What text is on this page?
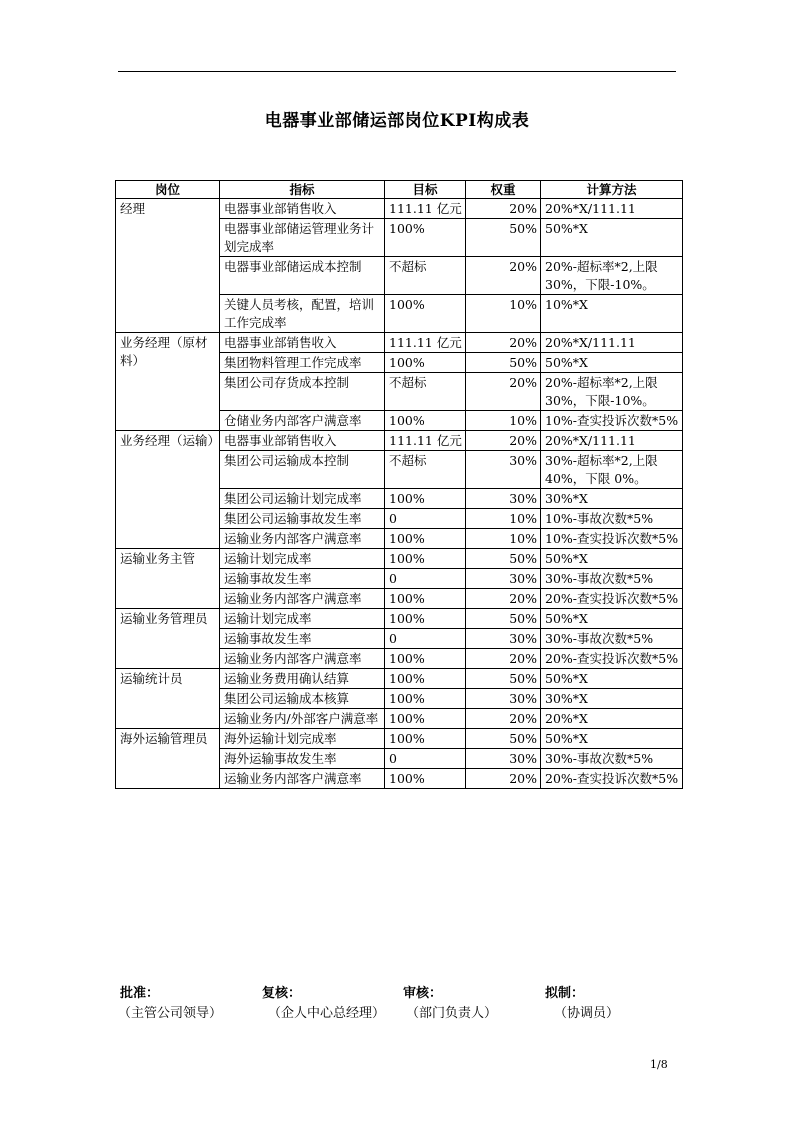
电器事业部储运部岗位KPI构成表
岗位	指标	目标	权重	计算方法
经理	电器事业部销售收入	111.11 亿元	20%	20%*X/111.11
	电器事业部储运管理业务计划完成率	100%	50%	50%*X
	电器事业部储运成本控制	不超标	20%	20%-超标率*2,上限30%，下限-10%。
	关键人员考核，配置，培训工作完成率	100%	10%	10%*X
业务经理（原材料）	电器事业部销售收入	111.11 亿元	20%	20%*X/111.11
	集团物料管理工作完成率	100%	50%	50%*X
	集团公司存货成本控制	不超标	20%	20%-超标率*2,上限30%，下限-10%。
	仓储业务内部客户满意率	100%	10%	10%-查实投诉次数*5%
业务经理（运输）	电器事业部销售收入	111.11 亿元	20%	20%*X/111.11
	集团公司运输成本控制	不超标	30%	30%-超标率*2,上限40%，下限 0%。
	集团公司运输计划完成率	100%	30%	30%*X
	集团公司运输事故发生率	0	10%	10%-事故次数*5%
	运输业务内部客户满意率	100%	10%	10%-查实投诉次数*5%
运输业务主管	运输计划完成率	100%	50%	50%*X
	运输事故发生率	0	30%	30%-事故次数*5%
	运输业务内部客户满意率	100%	20%	20%-查实投诉次数*5%
运输业务管理员	运输计划完成率	100%	50%	50%*X
	运输事故发生率	0	30%	30%-事故次数*5%
	运输业务内部客户满意率	100%	20%	20%-查实投诉次数*5%
运输统计员	运输业务费用确认结算	100%	50%	50%*X
	集团公司运输成本核算	100%	30%	30%*X
	运输业务内/外部客户满意率	100%	20%	20%*X
海外运输管理员	海外运输计划完成率	100%	50%	50%*X
	海外运输事故发生率	0	30%	30%-事故次数*5%
	运输业务内部客户满意率	100%	20%	20%-查实投诉次数*5%
批准：	复核：	审核：	拟制：
（主管公司领导）	（企人中心总经理） （部门负责人）	（协调员）
1/8
